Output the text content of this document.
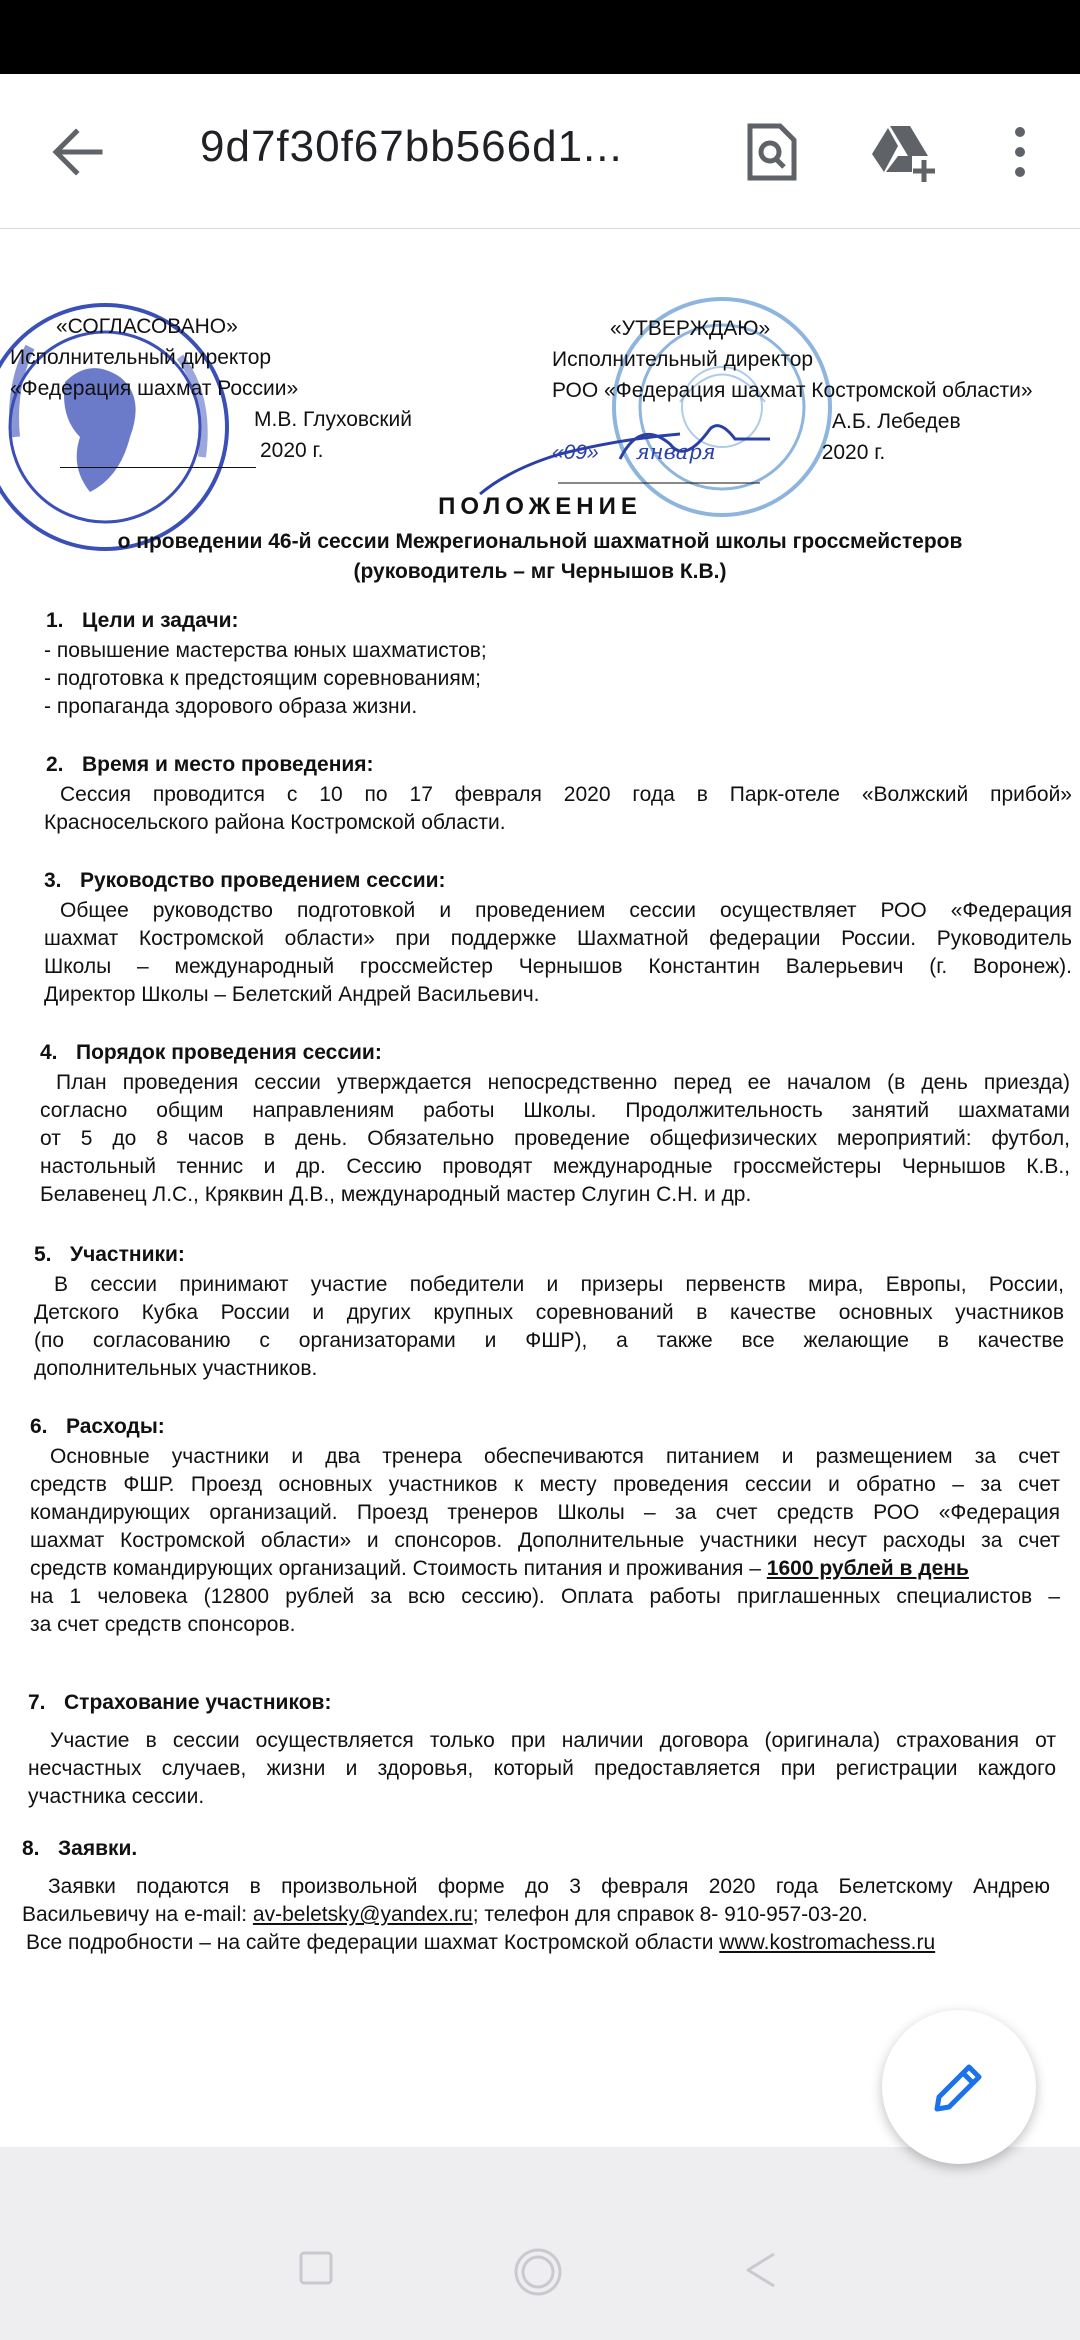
9d7f30f67bb566d1...
«СОГЛАСОВАНО»
Исполнительный директор
«Федерация шахмат России»
М.В. Глуховский
2020 г.
«УТВЕРЖДАЮ»
Исполнительный директор
РОО «Федерация шахмат Костромской области»
А.Б. Лебедев
«09» января	2020 г.
ПОЛОЖЕНИЕ
о проведении 46-й сессии Межрегиональной шахматной школы гроссмейстеров
(руководитель – мг Чернышов К.В.)
1. Цели и задачи:
- повышение мастерства юных шахматистов;
- подготовка к предстоящим соревнованиям;
- пропаганда здорового образа жизни.
2. Время и место проведения:
Сессия проводится с 10 по 17 февраля 2020 года в Парк-отеле «Волжский прибой»
Красносельского района Костромской области.
3. Руководство проведением сессии:
Общее руководство подготовкой и проведением сессии осуществляет РОО «Федерация
шахмат Костромской области» при поддержке Шахматной федерации России. Руководитель
Школы – международный гроссмейстер Чернышов Константин Валерьевич (г. Воронеж).
Директор Школы – Белетский Андрей Васильевич.
4. Порядок проведения сессии:
План проведения сессии утверждается непосредственно перед ее началом (в день приезда)
согласно общим направлениям работы Школы. Продолжительность занятий шахматами
от 5 до 8 часов в день. Обязательно проведение общефизических мероприятий: футбол,
настольный теннис и др. Сессию проводят международные гроссмейстеры Чернышов К.В.,
Белавенец Л.С., Кряквин Д.В., международный мастер Слугин С.Н. и др.
5. Участники:
В сессии принимают участие победители и призеры первенств мира, Европы, России,
Детского Кубка России и других крупных соревнований в качестве основных участников
(по согласованию с организаторами и ФШР), а также все желающие в качестве
дополнительных участников.
6. Расходы:
Основные участники и два тренера обеспечиваются питанием и размещением за счет
средств ФШР. Проезд основных участников к месту проведения сессии и обратно – за счет
командирующих организаций. Проезд тренеров Школы – за счет средств РОО «Федерация
шахмат Костромской области» и спонсоров. Дополнительные участники несут расходы за счет
средств командирующих организаций. Стоимость питания и проживания – 1600 рублей в день
на 1 человека (12800 рублей за всю сессию). Оплата работы приглашенных специалистов –
за счет средств спонсоров.
7. Страхование участников:
Участие в сессии осуществляется только при наличии договора (оригинала) страхования от
несчастных случаев, жизни и здоровья, который предоставляется при регистрации каждого
участника сессии.
8. Заявки.
Заявки подаются в произвольной форме до 3 февраля 2020 года Белетскому Андрею
Васильевичу на e-mail: av-beletsky@yandex.ru; телефон для справок 8- 910-957-03-20.
Все подробности – на сайте федерации шахмат Костромской области www.kostromachess.ru
